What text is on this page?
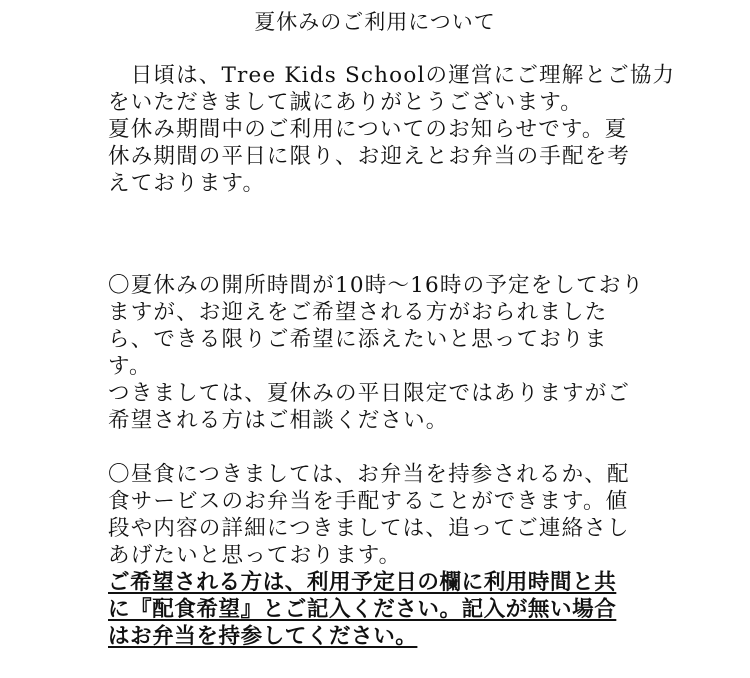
夏休みのご利用について
　日頃は、Tree Kids Schoolの運営にご理解とご協力
をいただきまして誠にありがとうございます。
夏休み期間中のご利用についてのお知らせです。夏
休み期間の平日に限り、お迎えとお弁当の手配を考
えております。
〇夏休みの開所時間が10時〜16時の予定をしており
ますが、お迎えをご希望される方がおられました
ら、できる限りご希望に添えたいと思っておりま
す。
つきましては、夏休みの平日限定ではありますがご
希望される方はご相談ください。
〇昼食につきましては、お弁当を持参されるか、配
食サービスのお弁当を手配することができます。値
段や内容の詳細につきましては、追ってご連絡さし
あげたいと思っております。
ご希望される方は、利用予定日の欄に利用時間と共
に『配食希望』とご記入ください。記入が無い場合
はお弁当を持参してください。
